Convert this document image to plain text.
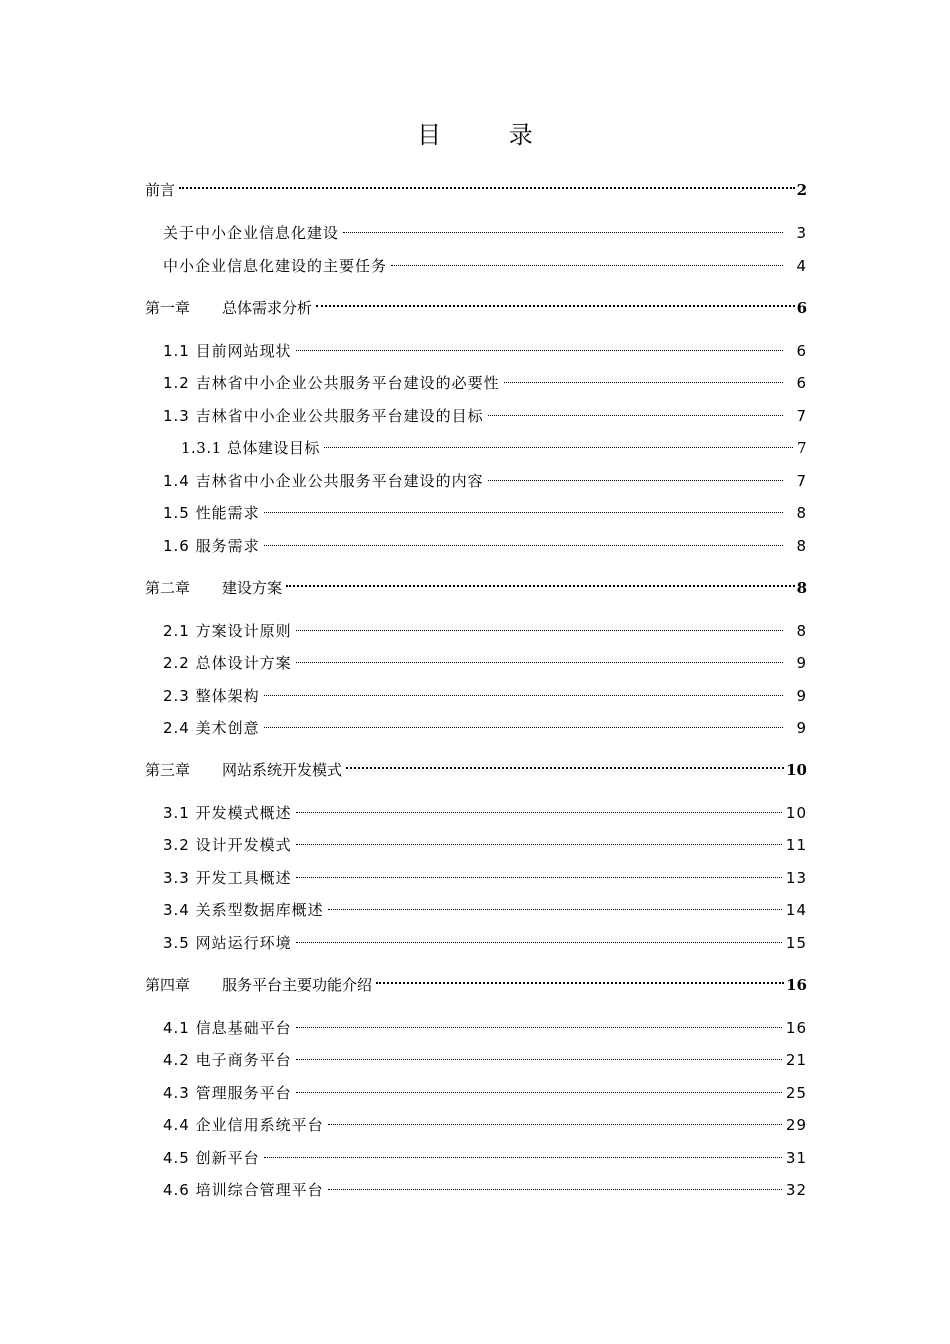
目 录
前言	2
关于中小企业信息化建设	3
中小企业信息化建设的主要任务	4
第一章 总体需求分析	6
1.1 目前网站现状	6
1.2 吉林省中小企业公共服务平台建设的必要性	6
1.3 吉林省中小企业公共服务平台建设的目标	7
1.3.1 总体建设目标	7
1.4 吉林省中小企业公共服务平台建设的内容	7
1.5 性能需求	8
1.6 服务需求	8
第二章 建设方案	8
2.1 方案设计原则	8
2.2 总体设计方案	9
2.3 整体架构	9
2.4 美术创意	9
第三章 网站系统开发模式	10
3.1 开发模式概述	10
3.2 设计开发模式	11
3.3 开发工具概述	13
3.4 关系型数据库概述	14
3.5 网站运行环境	15
第四章 服务平台主要功能介绍	16
4.1 信息基础平台	16
4.2 电子商务平台	21
4.3 管理服务平台	25
4.4 企业信用系统平台	29
4.5 创新平台	31
4.6 培训综合管理平台	32
